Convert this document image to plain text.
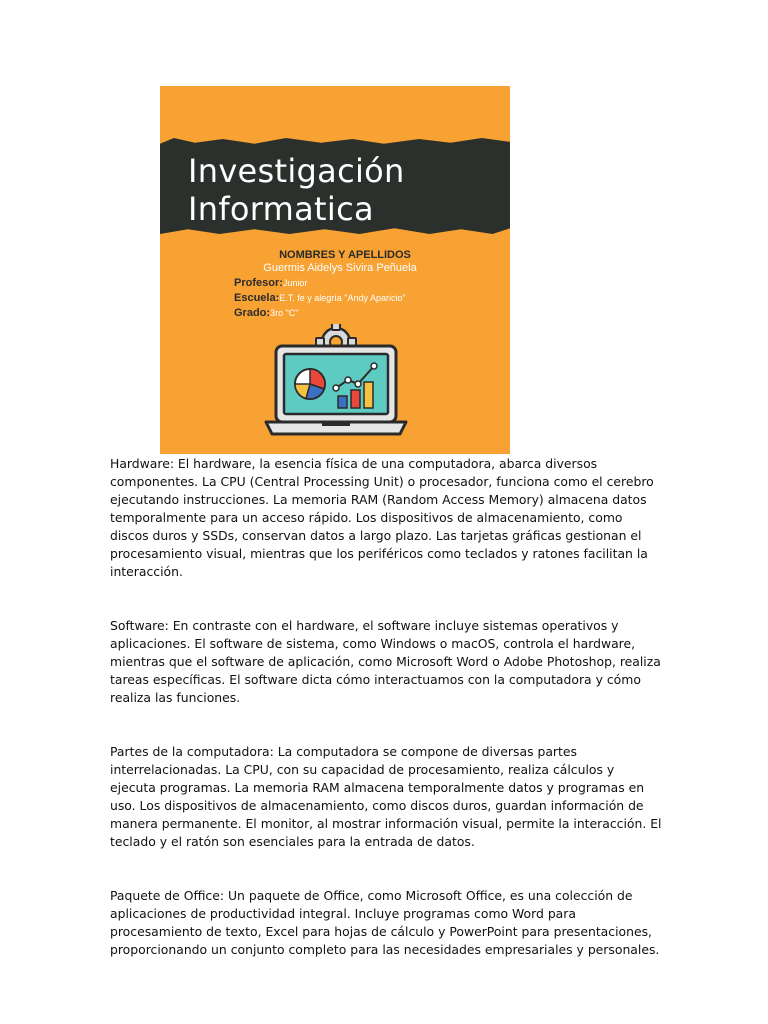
Investigación
Informatica
NOMBRES Y APELLIDOS
Guermis Aidelys Sivira Peñuela
Profesor:Junior
Escuela:E.T. fe y alegría "Andy Aparicio"
Grado:3ro "C"

Hardware: El hardware, la esencia física de una computadora, abarca diversos componentes. La CPU (Central Processing Unit) o procesador, funciona como el cerebro ejecutando instrucciones. La memoria RAM (Random Access Memory) almacena datos temporalmente para un acceso rápido. Los dispositivos de almacenamiento, como discos duros y SSDs, conservan datos a largo plazo. Las tarjetas gráficas gestionan el procesamiento visual, mientras que los periféricos como teclados y ratones facilitan la interacción.

Software: En contraste con el hardware, el software incluye sistemas operativos y aplicaciones. El software de sistema, como Windows o macOS, controla el hardware, mientras que el software de aplicación, como Microsoft Word o Adobe Photoshop, realiza tareas específicas. El software dicta cómo interactuamos con la computadora y cómo realiza las funciones.

Partes de la computadora: La computadora se compone de diversas partes interrelacionadas. La CPU, con su capacidad de procesamiento, realiza cálculos y ejecuta programas. La memoria RAM almacena temporalmente datos y programas en uso. Los dispositivos de almacenamiento, como discos duros, guardan información de manera permanente. El monitor, al mostrar información visual, permite la interacción. El teclado y el ratón son esenciales para la entrada de datos.

Paquete de Office: Un paquete de Office, como Microsoft Office, es una colección de aplicaciones de productividad integral. Incluye programas como Word para procesamiento de texto, Excel para hojas de cálculo y PowerPoint para presentaciones, proporcionando un conjunto completo para las necesidades empresariales y personales.
